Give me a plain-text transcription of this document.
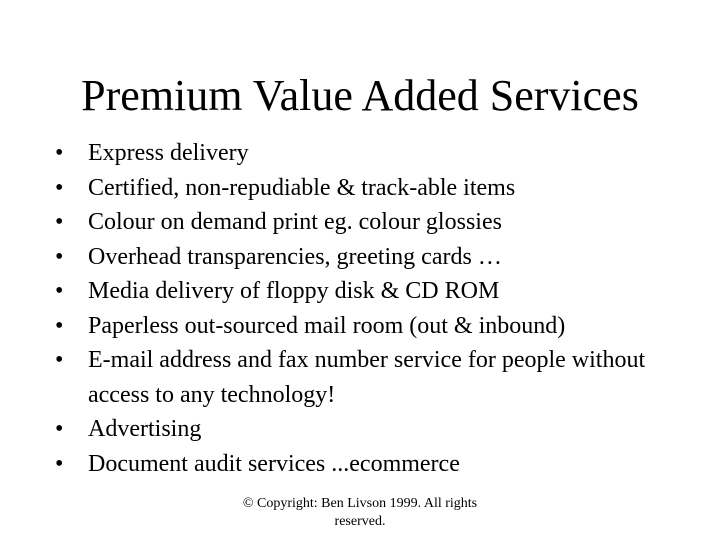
Premium Value Added Services
•	Express delivery
•	Certified, non-repudiable & track-able items
•	Colour on demand print eg. colour glossies
•	Overhead transparencies, greeting cards …
•	Media delivery of floppy disk & CD ROM
•	Paperless out-sourced mail room (out & inbound)
•	E-mail address and fax number service for people without access to any technology!
•	Advertising
•	Document audit services ...ecommerce
© Copyright: Ben Livson 1999. All rights reserved.
